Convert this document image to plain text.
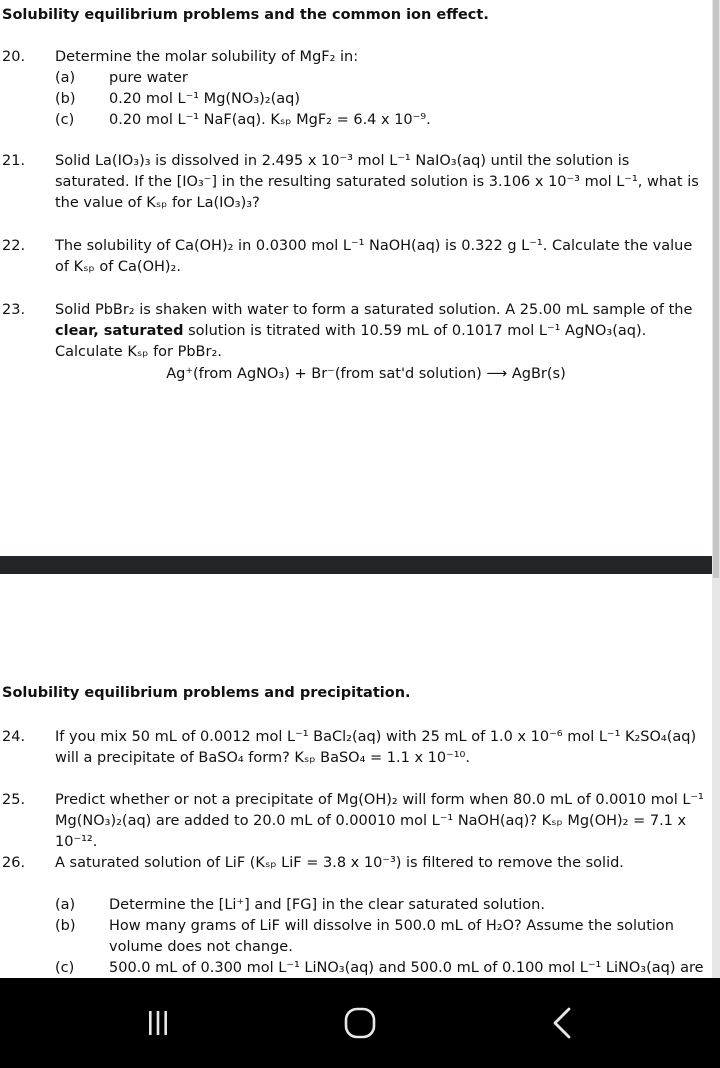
Solubility equilibrium problems and the common ion effect.
20. Determine the molar solubility of MgF₂ in:
(a) pure water
(b) 0.20 mol L⁻¹ Mg(NO₃)₂(aq)
(c) 0.20 mol L⁻¹ NaF(aq). Kₛₚ MgF₂ = 6.4 x 10⁻⁹.
21. Solid La(IO₃)₃ is dissolved in 2.495 x 10⁻³ mol L⁻¹ NaIO₃(aq) until the solution is saturated. If the [IO₃⁻] in the resulting saturated solution is 3.106 x 10⁻³ mol L⁻¹, what is the value of Kₛₚ for La(IO₃)₃?
22. The solubility of Ca(OH)₂ in 0.0300 mol L⁻¹ NaOH(aq) is 0.322 g L⁻¹. Calculate the value of Kₛₚ of Ca(OH)₂.
23. Solid PbBr₂ is shaken with water to form a saturated solution. A 25.00 mL sample of the clear, saturated solution is titrated with 10.59 mL of 0.1017 mol L⁻¹ AgNO₃(aq). Calculate Kₛₚ for PbBr₂.
Ag⁺(from AgNO₃) + Br⁻(from sat'd solution) ⟶ AgBr(s)
Solubility equilibrium problems and precipitation.
24. If you mix 50 mL of 0.0012 mol L⁻¹ BaCl₂(aq) with 25 mL of 1.0 x 10⁻⁶ mol L⁻¹ K₂SO₄(aq) will a precipitate of BaSO₄ form? Kₛₚ BaSO₄ = 1.1 x 10⁻¹⁰.
25. Predict whether or not a precipitate of Mg(OH)₂ will form when 80.0 mL of 0.0010 mol L⁻¹ Mg(NO₃)₂(aq) are added to 20.0 mL of 0.00010 mol L⁻¹ NaOH(aq)? Kₛₚ Mg(OH)₂ = 7.1 x 10⁻¹².
26. A saturated solution of LiF (Kₛₚ LiF = 3.8 x 10⁻³) is filtered to remove the solid.
(a) Determine the [Li⁺] and [FG] in the clear saturated solution.
(b) How many grams of LiF will dissolve in 500.0 mL of H₂O? Assume the solution volume does not change.
(c) 500.0 mL of 0.300 mol L⁻¹ LiNO₃(aq) and 500.0 mL of 0.100 mol L⁻¹ LiNO₃(aq) are
